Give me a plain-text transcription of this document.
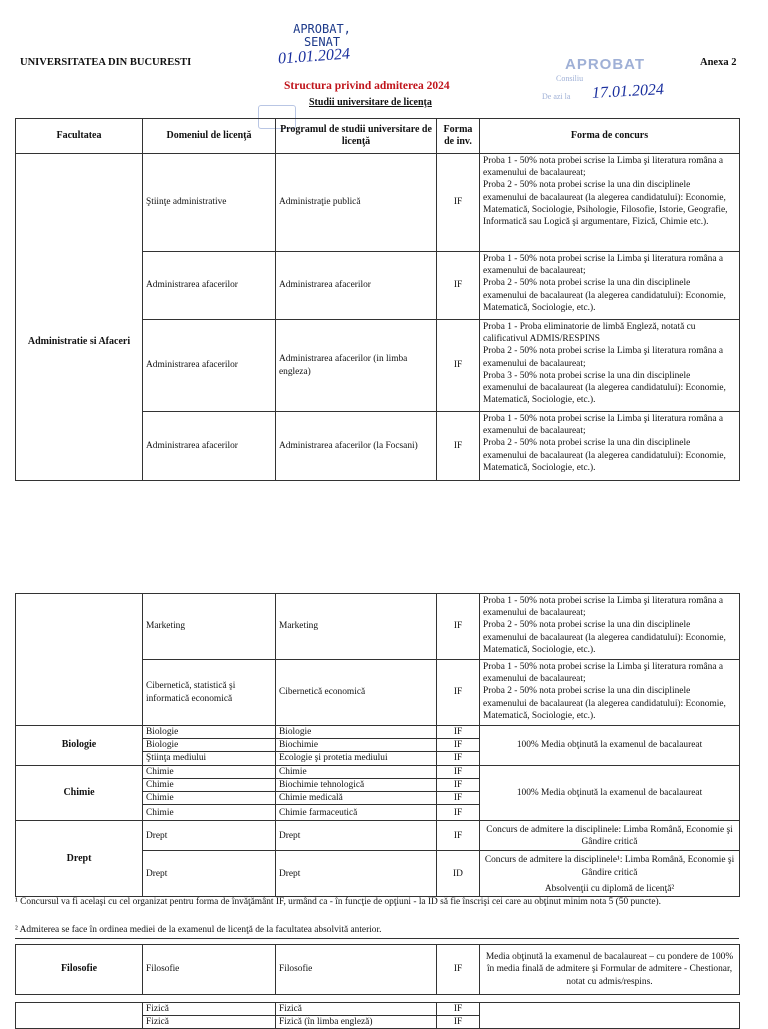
UNIVERSITATEA DIN BUCURESTI	Anexa 2
APROBAT,
SENAT
01.01.2024	APROBAT
Consiliu
De azi la 17.01.2024
Structura privind admiterea 2024
Studii universitare de licenţa
Facultatea	Domeniul de licenţă	Programul de studii universitare de licenţă	Forma de inv.	Forma de concurs
Administratie si Afaceri	Ştiinţe administrative	Administraţie publică	IF	Proba 1 - 50% nota probei scrise la Limba şi literatura româna a examenului de bacalaureat;
Proba 2 - 50% nota probei scrise la una din disciplinele examenului de bacalaureat (la alegerea candidatului): Economie, Matematică, Sociologie, Psihologie, Filosofie, Istorie, Geografie, Informatică sau Logică şi argumentare, Fizică, Chimie etc.).
	Administrarea afacerilor	Administrarea afacerilor	IF	Proba 1 - 50% nota probei scrise la Limba şi literatura româna a examenului de bacalaureat;
Proba 2 - 50% nota probei scrise la una din disciplinele examenului de bacalaureat (la alegerea candidatului): Economie, Matematică, Sociologie, etc.).
	Administrarea afacerilor	Administrarea afacerilor (in limba engleza)	IF	Proba 1 - Proba eliminatorie de limbă Engleză, notată cu calificativul ADMIS/RESPINS
Proba 2 - 50% nota probei scrise la Limba şi literatura româna a examenului de bacalaureat;
Proba 3 - 50% nota probei scrise la una din disciplinele examenului de bacalaureat (la alegerea candidatului): Economie, Matematică, Sociologie, etc.).
	Administrarea afacerilor	Administrarea afacerilor (la Focsani)	IF	Proba 1 - 50% nota probei scrise la Limba şi literatura româna a examenului de bacalaureat;
Proba 2 - 50% nota probei scrise la una din disciplinele examenului de bacalaureat (la alegerea candidatului): Economie, Matematică, Sociologie, etc.).
	Marketing	Marketing	IF	Proba 1 - 50% nota probei scrise la Limba şi literatura româna a examenului de bacalaureat;
Proba 2 - 50% nota probei scrise la una din disciplinele examenului de bacalaureat (la alegerea candidatului): Economie, Matematică, Sociologie, etc.).
	Cibernetică, statistică şi informatică economică	Cibernetică economică	IF	Proba 1 - 50% nota probei scrise la Limba şi literatura româna a examenului de bacalaureat;
Proba 2 - 50% nota probei scrise la una din disciplinele examenului de bacalaureat (la alegerea candidatului): Economie, Matematică, Sociologie, etc.).
Biologie	Biologie	Biologie	IF	100% Media obţinută la examenul de bacalaureat
	Biologie	Biochimie	IF	
	Ştiinţa mediului	Ecologie şi protetia mediului	IF	
Chimie	Chimie	Chimie	IF	100% Media obţinută la examenul de bacalaureat
	Chimie	Biochimie tehnologică	IF	
	Chimie	Chimie medicală	IF	
	Chimie	Chimie farmaceutică	IF	
Drept	Drept	Drept	IF	Concurs de admitere la disciplinele: Limba Română, Economie şi Gândire critică
	Drept	Drept	ID	Concurs de admitere la disciplinele¹: Limba Română, Economie şi Gândire critică
Absolvenţii cu diplomă de licenţă²
¹ Concursul va fi acelaşi cu cel organizat pentru forma de învăţământ IF, urmând ca - în funcţie de opţiuni - la ID să fie înscrişi cei care au obţinut minim nota 5 (50 puncte).
² Admiterea se face în ordinea mediei de la examenul de licenţă de la facultatea absolvită anterior.
Filosofie	Filosofie	Filosofie	IF	Media obţinută la examenul de bacalaureat – cu pondere de 100% în media finală de admitere şi Formular de admitere - Chestionar, notat cu admis/respins.

	Fizică	Fizică	IF	
	Fizică	Fizică (în limba engleză)	IF	
